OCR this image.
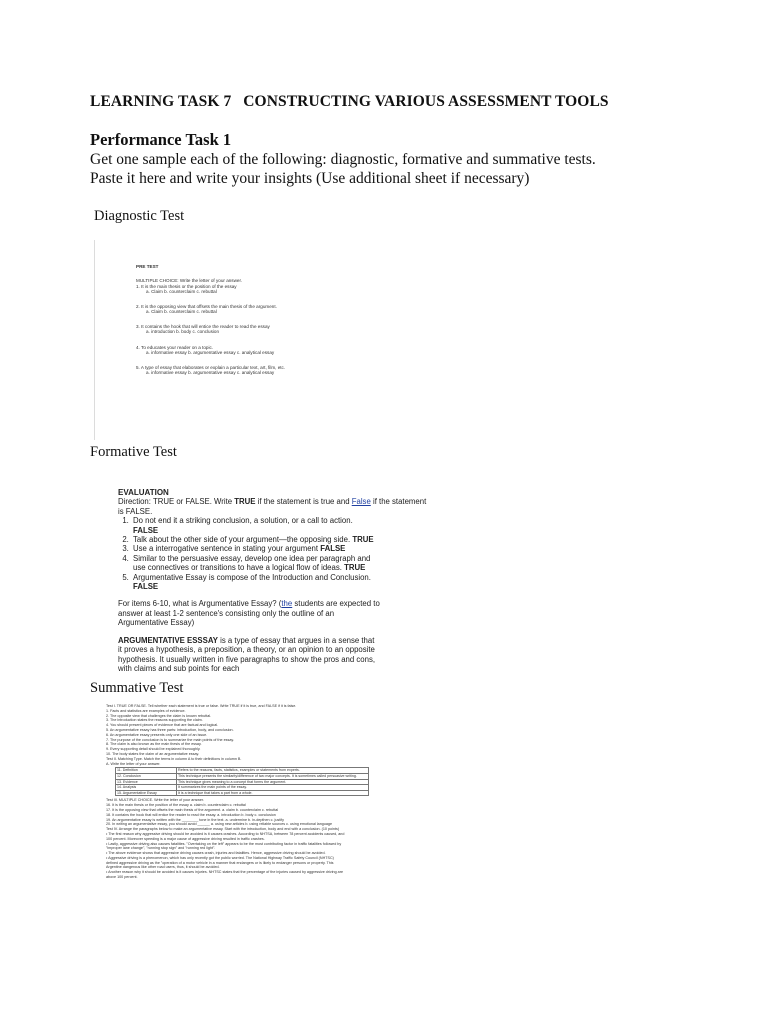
LEARNING TASK 7   CONSTRUCTING VARIOUS ASSESSMENT TOOLS
Performance Task 1
Get one sample each of the following: diagnostic, formative and summative tests.
Paste it here and write your insights (Use additional sheet if necessary)
Diagnostic Test
PRE TEST
MULTIPLE CHOICE: Write the letter of your answer.
1. It is the main thesis or the position of the essay
a. Claim b. counterclaim c. rebuttal
2. It is the opposing view that offsets the main thesis of the argument.
a. Claim b. counterclaim c. rebuttal
3. It contains the hook that will entice the reader to read the essay
a. introduction b. body c. conclusion
4. To educates your reader on a topic.
a. informative essay b. argumentative essay c. analytical essay
5. A type of essay that elaborates or explain a particular text, art, film, etc.
a. informative essay b. argumentative essay c. analytical essay
Formative Test
EVALUATION
Direction: TRUE or FALSE. Write TRUE if the statement is true and False if the statement
is FALSE.
1. Do not end it a striking conclusion, a solution, or a call to action. FALSE
2. Talk about the other side of your argument—the opposing side. TRUE
3. Use a interrogative sentence in stating your argument FALSE
4. Similar to the persuasive essay, develop one idea per paragraph and use connectives or transitions to have a logical flow of ideas. TRUE
5. Argumentative Essay is compose of the Introduction and Conclusion. FALSE
For items 6-10, what is Argumentative Essay? (the students are expected to answer at least 1-2 sentence's consisting only the outline of an Argumentative Essay)
ARGUMENTATIVE ESSSAY is a type of essay that argues in a sense that it proves a hypothesis, a preposition, a theory, or an opinion to an opposite hypothesis. It usually written in five paragraphs to show the pros and cons, with claims and sub points for each
Summative Test
Test I. TRUE OR FALSE. Tell whether each statement is true or false. Write TRUE if it is true, and FALSE if it is false.
1. Facts and statistics are examples of evidence.
2. The opposite view that challenges the claim is known rebuttal.
3. The introduction states the reasons supporting the claim.
4. You should present pieces of evidence that are factual and logical.
5. An argumentative essay has three parts: introduction, body, and conclusion.
6. An argumentative essay presents only one side of an issue.
7. The purpose of the conclusion is to summarize the main points of the essay.
8. The claim is also known as the main thesis of the essay.
9. Every supporting detail should be explained thoroughly.
10. The body states the claim of an argumentative essay.
Test II. Matching Type. Match the terms in column A to their definitions in column B.
A. Write the letter of your answer.
11. Definition	Refers to the reasons, facts, statistics, examples or statements from experts.
12. Conclusion	This technique presents the similarity/difference of two major concepts. It is sometimes called persuasive writing.
13. Evidence	This technique gives meaning to a concept that forms the argument.
14. Analysis	It summarizes the main points of the essay.
15. Argumentative Essay	It is a technique that takes a part from a whole.
Test III. MULTIPLE CHOICE. Write the letter of your answer.
16. It is the main thesis or the position of the essay a. claim b. counterclaim c. rebuttal
17. It is the opposing view that offsets the main thesis of the argument. a. claim b. counterclaim c. rebuttal
18. It contains the hook that will entice the reader to read the essay. a. introduction b. body c. conclusion
19. An argumentative essay is written with the ________ tone in the text. a. undermine b. in-depthen c. justify
20. In writing an argumentative essay, you should avoid ______ a. using new articles b. using reliable sources c. using emotional language
Test IV. Arrange the paragraphs below to make an argumentative essay. Start with the introduction, body and end with a conclusion. (10 points)
• The first reason why aggressive driving should be avoided is it causes crashes. According to NHTSA, between 78 percent accidents caused, and
100 percent. Moreover speeding is a major cause of aggressive driving resulted in traffic crashes.
• Lastly, aggressive driving also causes fatalities. "Overtaking on the left" appears to be the most contributing factor in traffic fatalities followed by
"improper lane change", "running stop sign" and "running red light".
• The above evidence shows that aggressive driving causes crash, injuries and fatalities. Hence, aggressive driving should be avoided.
• Aggressive driving is a phenomenon, which has only recently got the public worried. The National Highway Traffic Safety Council (NHTSC)
defined aggressive driving as the "operation of a motor vehicle in a manner that endangers or is likely to endanger persons or property. This
Argentine dangerous like other road users, thus, it should be avoided.
• Another reason why it should be avoided is it causes injuries. NHTSC states that the percentage of the injuries caused by aggressive driving are
above 100 percent.
